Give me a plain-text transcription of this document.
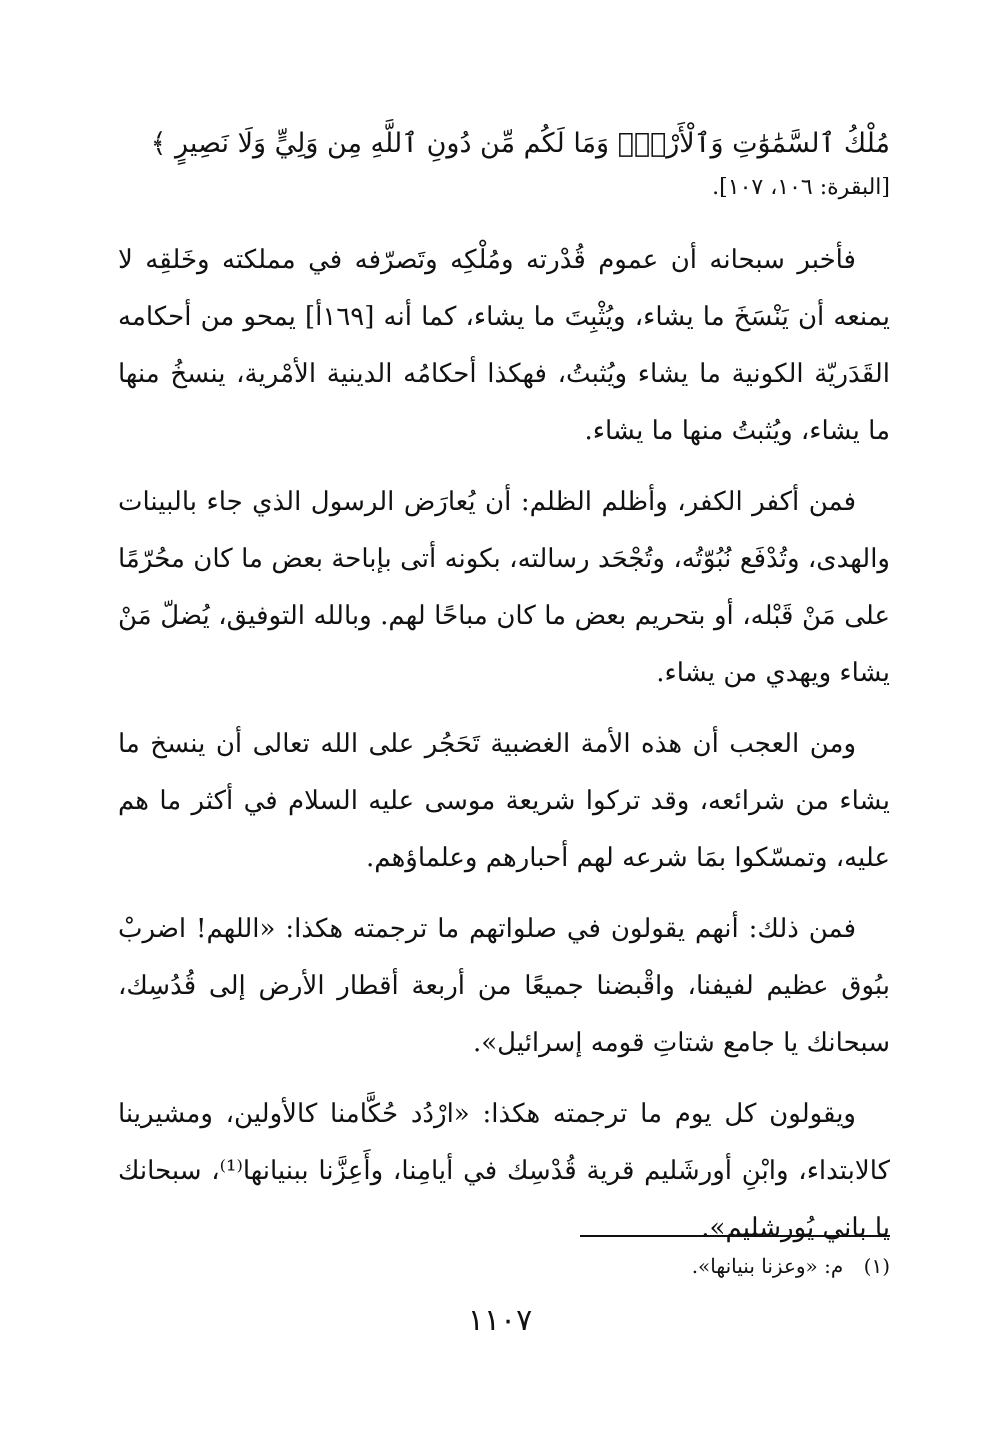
مُلْكُ ٱلسَّمَٰوَٰتِ وَٱلْأَرْضِۗ وَمَا لَكُم مِّن دُونِ ٱللَّهِ مِن وَلِيٍّ وَلَا نَصِيرٍ ﴾

[البقرة: ١٠٦، ١٠٧].

فأخبر سبحانه أن عموم قُدْرته ومُلْكِه وتَصرّفه في مملكته وخَلقِه لا يمنعه أن يَنْسَخَ ما يشاء، ويُثْبِتَ ما يشاء، كما أنه [١٦٩أ] يمحو من أحكامه القَدَريّة الكونية ما يشاء ويُثبتُ، فهكذا أحكامُه الدينية الأمْرية، ينسخُ منها ما يشاء، ويُثبتُ منها ما يشاء.

فمن أكفر الكفر، وأظلم الظلم: أن يُعارَض الرسول الذي جاء بالبينات والهدى، وتُدْفَع نُبُوّتُه، وتُجْحَد رسالته، بكونه أتى بإباحة بعض ما كان محُرّمًا على مَنْ قَبْله، أو بتحريم بعض ما كان مباحًا لهم. وبالله التوفيق، يُضلّ مَنْ يشاء ويهدي من يشاء.

ومن العجب أن هذه الأمة الغضبية تَحَجُر على الله تعالى أن ينسخ ما يشاء من شرائعه، وقد تركوا شريعة موسى عليه السلام في أكثر ما هم عليه، وتمسّكوا بمَا شرعه لهم أحبارهم وعلماؤهم.

فمن ذلك: أنهم يقولون في صلواتهم ما ترجمته هكذا: «اللهم! اضربْ ببُوق عظيم لفيفنا، واقْبضنا جميعًا من أربعة أقطار الأرض إلى قُدُسِك، سبحانك يا جامع شتاتِ قومه إسرائيل».

ويقولون كل يوم ما ترجمته هكذا: «ارْدُد حُكَّامنا كالأولين، ومشيرينا كالابتداء، وابْنِ أورشَليم قرية قُدْسِك في أيامِنا، وأَعِزَّنا ببنيانها⁽¹⁾، سبحانك يا باني يُورشليم».

(١) م: «وعزنا بنيانها».
١١٠٧
